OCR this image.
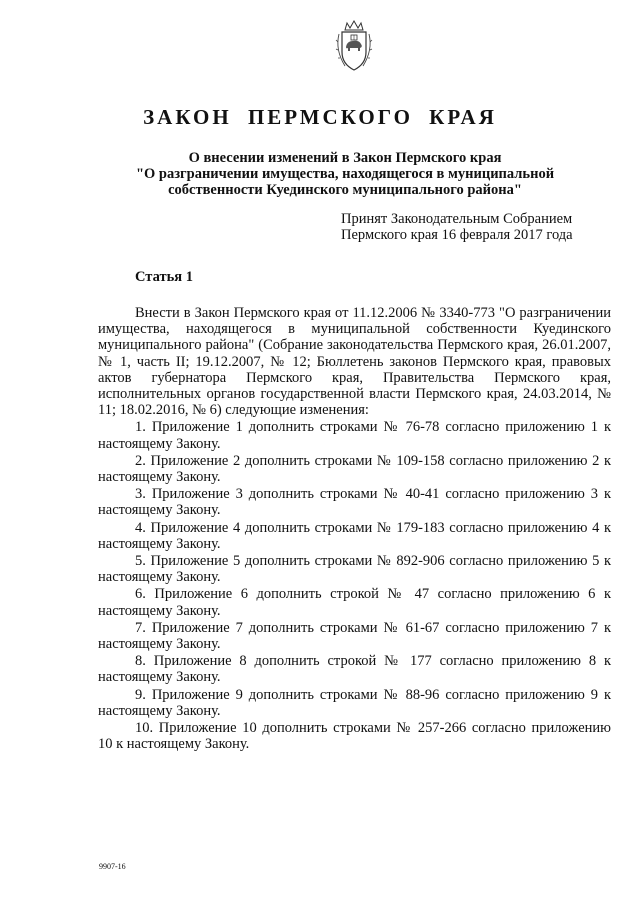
ЗАКОН ПЕРМСКОГО КРАЯ
О внесении изменений в Закон Пермского края
"О разграничении имущества, находящегося в муниципальной
собственности Куединского муниципального района"
Принят Законодательным Собранием
Пермского края 16 февраля 2017 года
Статья 1

Внести в Закон Пермского края от 11.12.2006 № 3340-773 "О разграничении имущества, находящегося в муниципальной собственности Куединского муниципального района" (Собрание законодательства Пермского края, 26.01.2007, № 1, часть II; 19.12.2007, № 12; Бюллетень законов Пермского края, правовых актов губернатора Пермского края, Правительства Пермского края, исполнительных органов государственной власти Пермского края, 24.03.2014, № 11; 18.02.2016, № 6) следующие изменения:

1. Приложение 1 дополнить строками № 76-78 согласно приложению 1 к настоящему Закону.

2. Приложение 2 дополнить строками № 109-158 согласно приложению 2 к настоящему Закону.

3. Приложение 3 дополнить строками № 40-41 согласно приложению 3 к настоящему Закону.

4. Приложение 4 дополнить строками № 179-183 согласно приложению 4 к настоящему Закону.

5. Приложение 5 дополнить строками № 892-906 согласно приложению 5 к настоящему Закону.

6. Приложение 6 дополнить строкой № 47 согласно приложению 6 к настоящему Закону.

7. Приложение 7 дополнить строками № 61-67 согласно приложению 7 к настоящему Закону.

8. Приложение 8 дополнить строкой № 177 согласно приложению 8 к настоящему Закону.

9. Приложение 9 дополнить строками № 88-96 согласно приложению 9 к настоящему Закону.

10. Приложение 10 дополнить строками № 257-266 согласно приложению 10 к настоящему Закону.

9907-16
